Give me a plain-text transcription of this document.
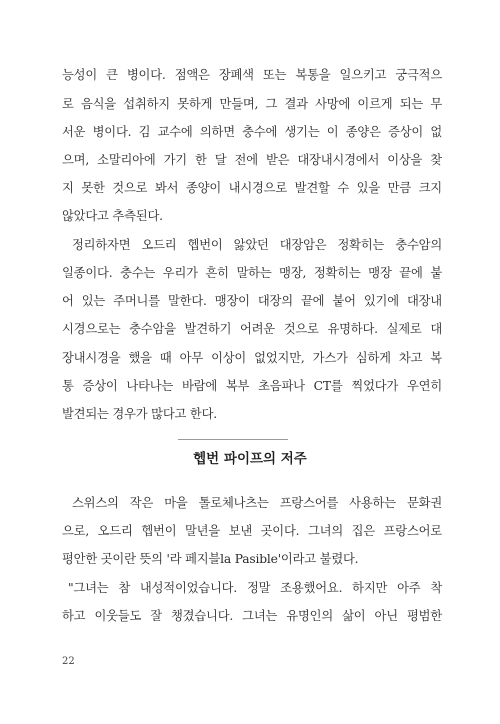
능성이 큰 병이다. 점액은 장폐색 또는 복통을 일으키고 궁극적으
로 음식을 섭취하지 못하게 만들며, 그 결과 사망에 이르게 되는 무
서운 병이다. 김 교수에 의하면 충수에 생기는 이 종양은 증상이 없
으며, 소말리아에 가기 한 달 전에 받은 대장내시경에서 이상을 찾
지 못한 것으로 봐서 종양이 내시경으로 발견할 수 있을 만큼 크지
않았다고 추측된다.
정리하자면 오드리 헵번이 앓았던 대장암은 정확히는 충수암의
일종이다. 충수는 우리가 흔히 말하는 맹장, 정확히는 맹장 끝에 붙
어 있는 주머니를 말한다. 맹장이 대장의 끝에 붙어 있기에 대장내
시경으로는 충수암을 발견하기 어려운 것으로 유명하다. 실제로 대
장내시경을 했을 때 아무 이상이 없었지만, 가스가 심하게 차고 복
통 증상이 나타나는 바람에 복부 초음파나 CT를 찍었다가 우연히
발견되는 경우가 많다고 한다.
헵번 파이프의 저주
스위스의 작은 마을 톨로체나츠는 프랑스어를 사용하는 문화권
으로, 오드리 헵번이 말년을 보낸 곳이다. 그녀의 집은 프랑스어로
평안한 곳이란 뜻의 '라 페지블la Pasible'이라고 불렸다.
"그녀는 참 내성적이었습니다. 정말 조용했어요. 하지만 아주 착
하고 이웃들도 잘 챙겼습니다. 그녀는 유명인의 삶이 아닌 평범한
22
